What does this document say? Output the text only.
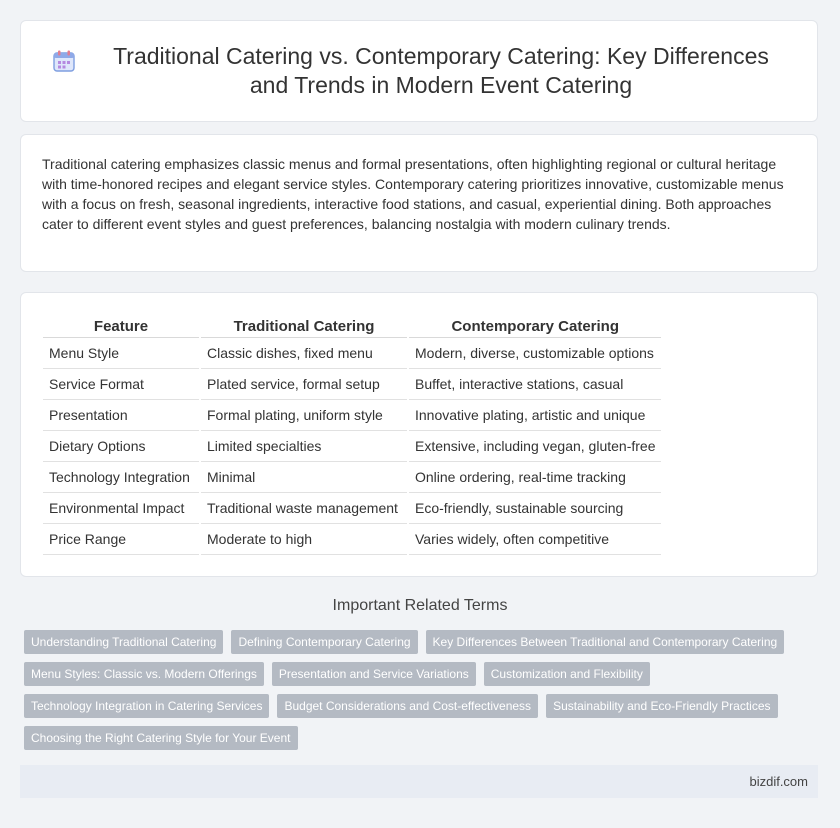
Traditional Catering vs. Contemporary Catering: Key Differences and Trends in Modern Event Catering

Traditional catering emphasizes classic menus and formal presentations, often highlighting regional or cultural heritage with time-honored recipes and elegant service styles. Contemporary catering prioritizes innovative, customizable menus with a focus on fresh, seasonal ingredients, interactive food stations, and casual, experiential dining. Both approaches cater to different event styles and guest preferences, balancing nostalgia with modern culinary trends.

Feature	Traditional Catering	Contemporary Catering
Menu Style	Classic dishes, fixed menu	Modern, diverse, customizable options
Service Format	Plated service, formal setup	Buffet, interactive stations, casual
Presentation	Formal plating, uniform style	Innovative plating, artistic and unique
Dietary Options	Limited specialties	Extensive, including vegan, gluten-free
Technology Integration	Minimal	Online ordering, real-time tracking
Environmental Impact	Traditional waste management	Eco-friendly, sustainable sourcing
Price Range	Moderate to high	Varies widely, often competitive
Important Related Terms
Understanding Traditional Catering	Defining Contemporary Catering	Key Differences Between Traditional and Contemporary Catering
Menu Styles: Classic vs. Modern Offerings	Presentation and Service Variations	Customization and Flexibility
Technology Integration in Catering Services	Budget Considerations and Cost-effectiveness	Sustainability and Eco-Friendly Practices
Choosing the Right Catering Style for Your Event
bizdif.com
